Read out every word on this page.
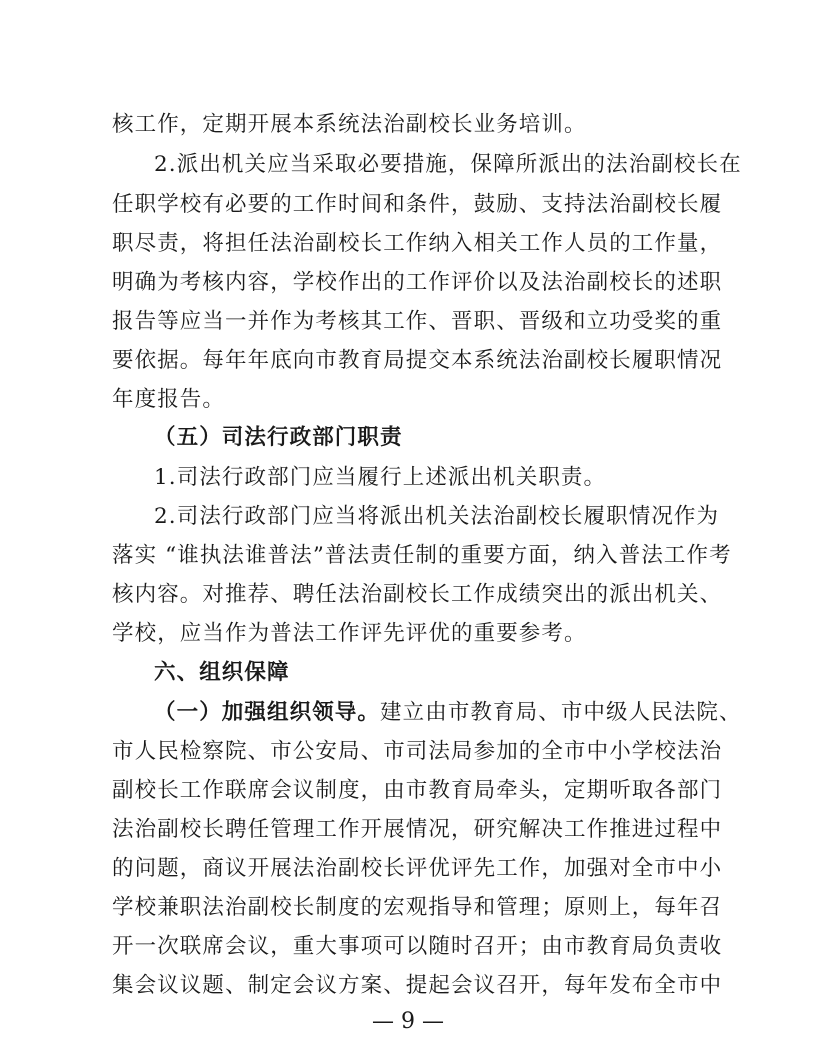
核工作，定期开展本系统法治副校长业务培训。
2.派出机关应当采取必要措施，保障所派出的法治副校长在
任职学校有必要的工作时间和条件，鼓励、支持法治副校长履
职尽责，将担任法治副校长工作纳入相关工作人员的工作量，
明确为考核内容，学校作出的工作评价以及法治副校长的述职
报告等应当一并作为考核其工作、晋职、晋级和立功受奖的重
要依据。每年年底向市教育局提交本系统法治副校长履职情况
年度报告。
（五）司法行政部门职责
1.司法行政部门应当履行上述派出机关职责。
2.司法行政部门应当将派出机关法治副校长履职情况作为
落实 “谁执法谁普法”普法责任制的重要方面，纳入普法工作考
核内容。对推荐、聘任法治副校长工作成绩突出的派出机关、
学校，应当作为普法工作评先评优的重要参考。
六、组织保障
（一）加强组织领导。建立由市教育局、市中级人民法院、
市人民检察院、市公安局、市司法局参加的全市中小学校法治
副校长工作联席会议制度，由市教育局牵头，定期听取各部门
法治副校长聘任管理工作开展情况，研究解决工作推进过程中
的问题，商议开展法治副校长评优评先工作，加强对全市中小
学校兼职法治副校长制度的宏观指导和管理；原则上，每年召
开一次联席会议，重大事项可以随时召开；由市教育局负责收
集会议议题、制定会议方案、提起会议召开，每年发布全市中
— 9 —
